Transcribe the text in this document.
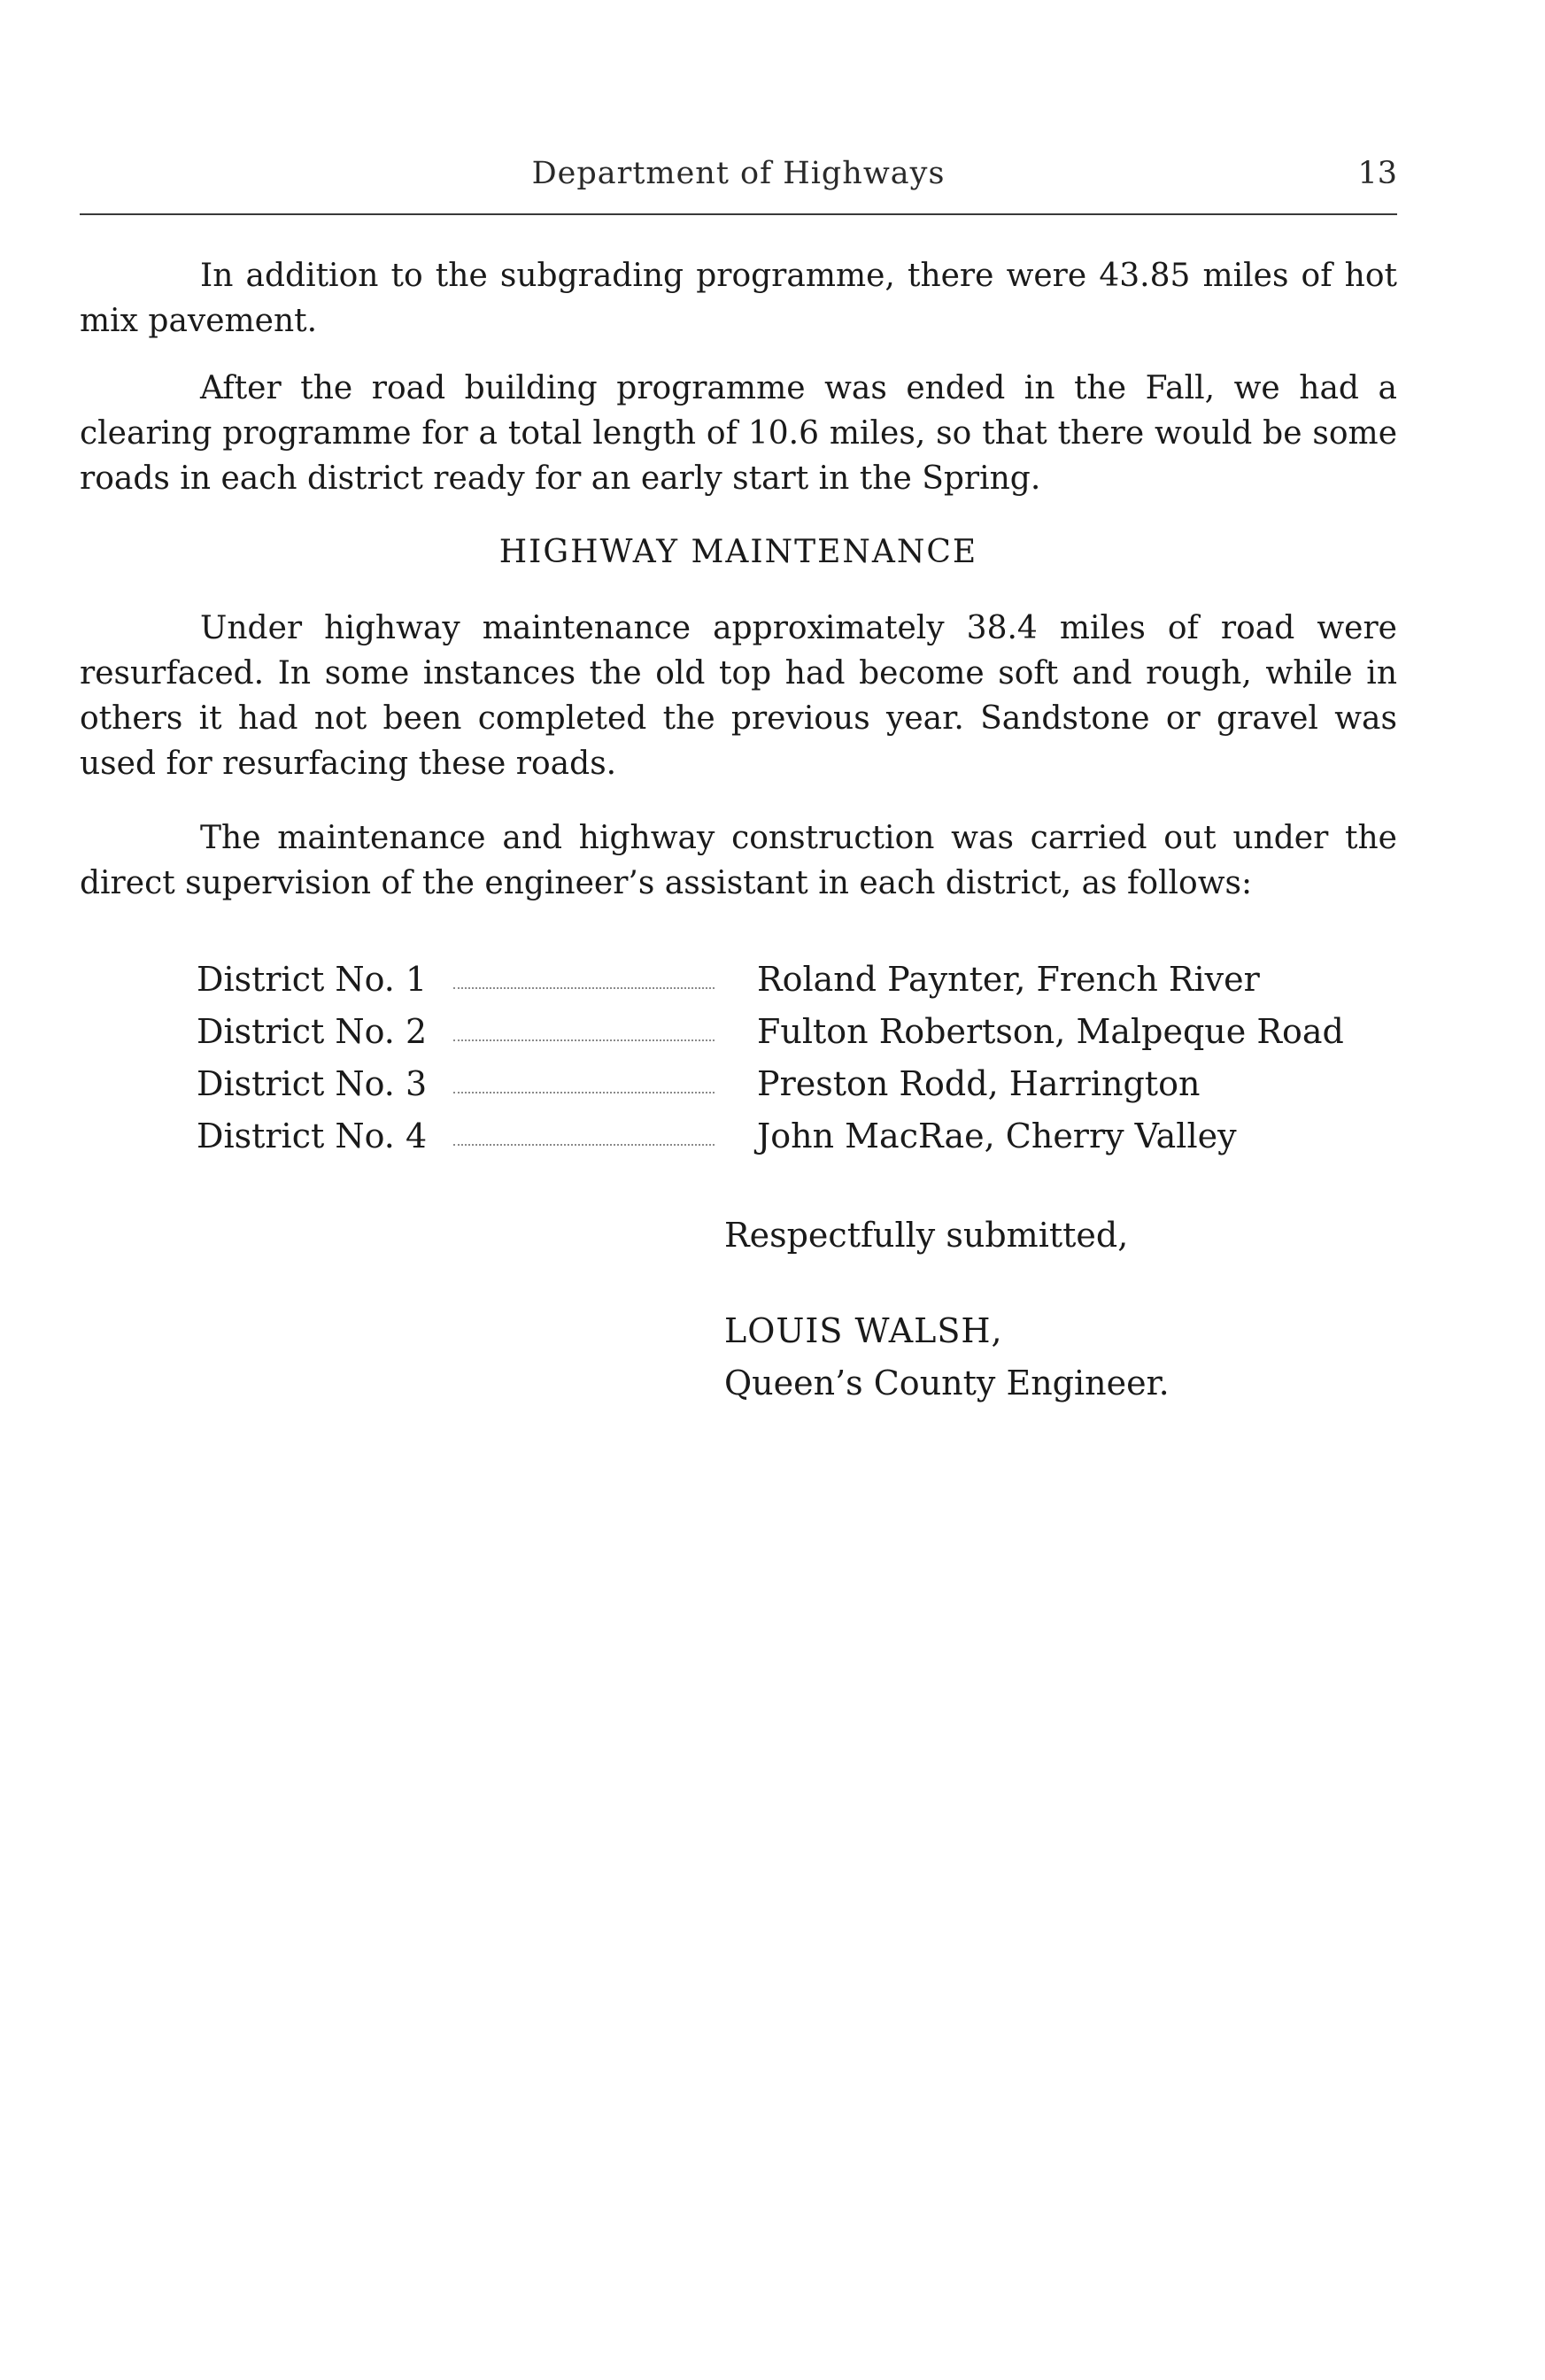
Department of Highways	13

In addition to the subgrading programme, there were 43.85 miles of hot mix pavement.

After the road building programme was ended in the Fall, we had a clearing programme for a total length of 10.6 miles, so that there would be some roads in each district ready for an early start in the Spring.

HIGHWAY MAINTENANCE

Under highway maintenance approximately 38.4 miles of road were resurfaced. In some instances the old top had become soft and rough, while in others it had not been completed the previous year. Sandstone or gravel was used for resurfacing these roads.

The maintenance and highway construction was carried out under the direct supervision of the engineer’s assistant in each district, as follows:

District No. 1	Roland Paynter, French River
District No. 2	Fulton Robertson, Malpeque Road
District No. 3	Preston Rodd, Harrington
District No. 4	John MacRae, Cherry Valley
Respectfully submitted,
LOUIS WALSH,
Queen’s County Engineer.
